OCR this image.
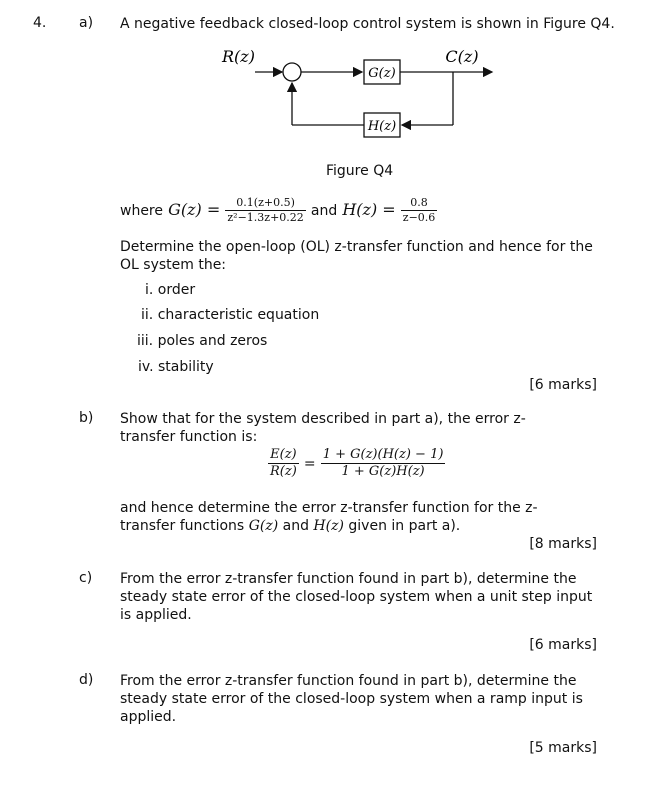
4. a) A negative feedback closed-loop control system is shown in Figure Q4.
R(z)
G(z)
C(z)
H(z)
Figure Q4
where $G(z) = \frac{0.1(z+0.5)}{\text{z²−1.3z+0.22}}$ and $H(z) = \frac{0.8}{z-0.6}$
Determine the open-loop (OL) z-transfer function and hence for the OL system the:
i. order
ii. characteristic equation
iii. poles and zeros
iv. stability
[6 marks]
b) Show that for the system described in part a), the error z-transfer function is:
$\frac{E(z)}{R(z)} = \frac{1 + G(z)(H(z) - 1)}{1 + G(z)H(z)}$
and hence determine the error z-transfer function for the z-transfer functions G(z) and H(z) given in part a).
[8 marks]
c) From the error z-transfer function found in part b), determine the steady state error of the closed-loop system when a unit step input is applied.
[6 marks]
d) From the error z-transfer function found in part b), determine the steady state error of the closed-loop system when a ramp input is applied.
[5 marks]
